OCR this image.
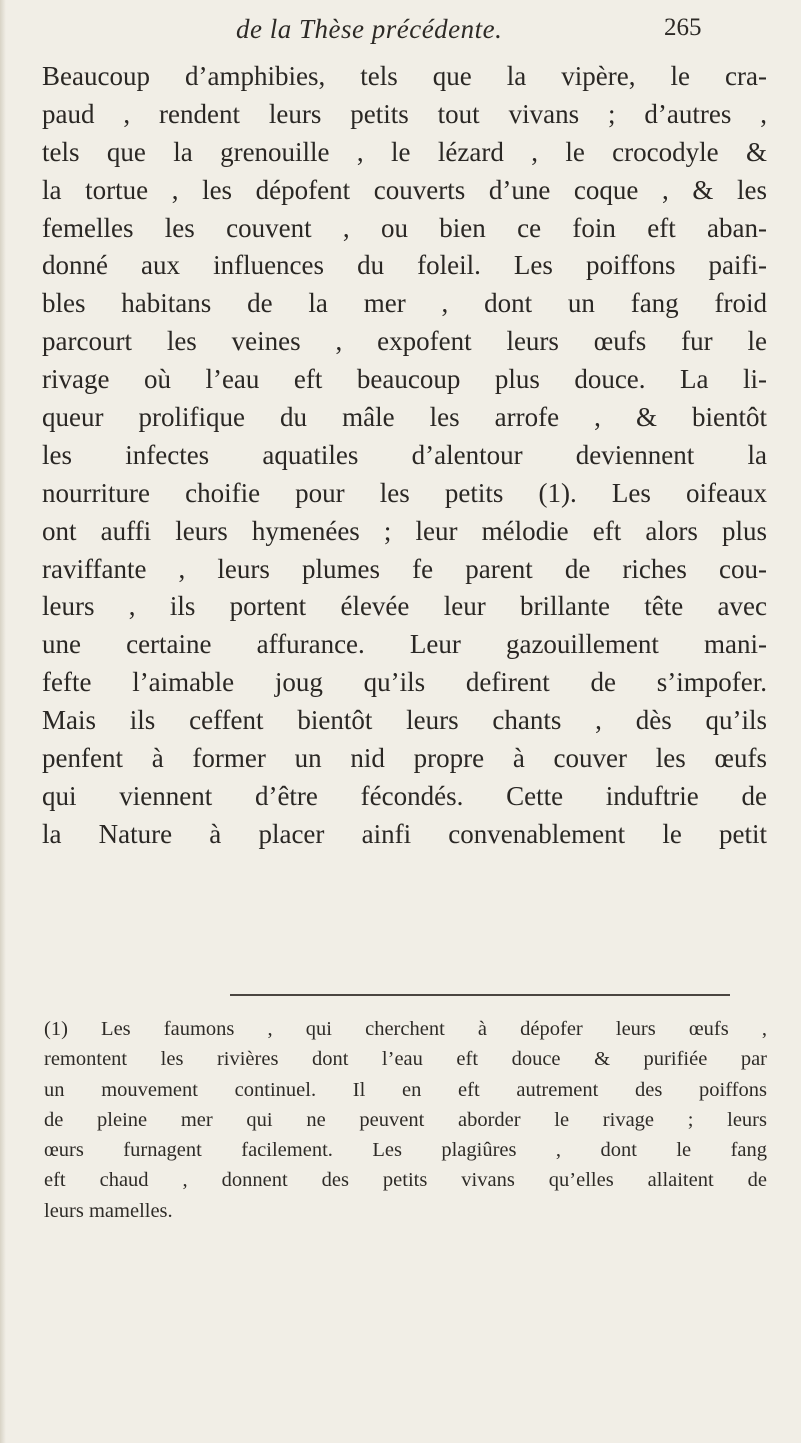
de la Thèse précédente.	265
Beaucoup d’amphibies, tels que la vipère, le cra-
paud , rendent leurs petits tout vivans ; d’autres ,
tels que la grenouille , le lézard , le crocodyle &
la tortue , les dépofent couverts d’une coque , & les
femelles les couvent , ou bien ce foin eft aban-
donné aux influences du foleil. Les poiffons paifi-
bles habitans de la mer , dont un fang froid
parcourt les veines , expofent leurs œufs fur le
rivage où l’eau eft beaucoup plus douce. La li-
queur prolifique du mâle les arrofe , & bientôt
les infectes aquatiles d’alentour deviennent la
nourriture choifie pour les petits (1). Les oifeaux
ont auffi leurs hymenées ; leur mélodie eft alors plus
raviffante , leurs plumes fe parent de riches cou-
leurs , ils portent élevée leur brillante tête avec
une certaine affurance. Leur gazouillement mani-
fefte l’aimable joug qu’ils defirent de s’impofer.
Mais ils ceffent bientôt leurs chants , dès qu’ils
penfent à former un nid propre à couver les œufs
qui viennent d’être fécondés. Cette induftrie de
la Nature à placer ainfi convenablement le petit
(1) Les faumons , qui cherchent à dépofer leurs œufs ,
remontent les rivières dont l’eau eft douce & purifiée par
un mouvement continuel. Il en eft autrement des poiffons
de pleine mer qui ne peuvent aborder le rivage ; leurs
œurs furnagent facilement. Les plagiûres , dont le fang
eft chaud , donnent des petits vivans qu’elles allaitent de
leurs mamelles.
